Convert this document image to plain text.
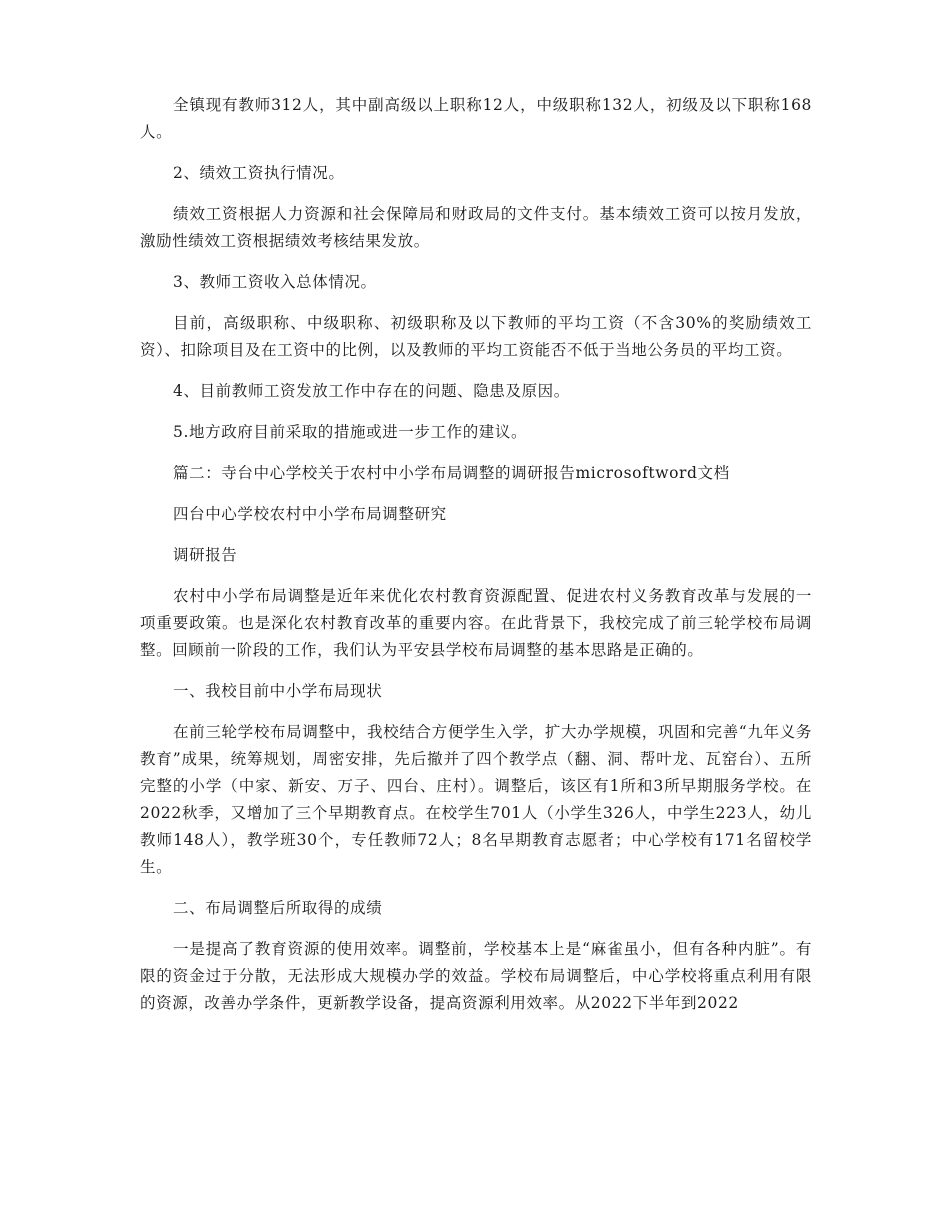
全镇现有教师312人，其中副高级以上职称12人，中级职称132人，初级及以下职称168人。

2、绩效工资执行情况。

绩效工资根据人力资源和社会保障局和财政局的文件支付。基本绩效工资可以按月发放，激励性绩效工资根据绩效考核结果发放。

3、教师工资收入总体情况。

目前，高级职称、中级职称、初级职称及以下教师的平均工资（不含30%的奖励绩效工资）、扣除项目及在工资中的比例，以及教师的平均工资能否不低于当地公务员的平均工资。

4、目前教师工资发放工作中存在的问题、隐患及原因。

5.地方政府目前采取的措施或进一步工作的建议。

篇二：寺台中心学校关于农村中小学布局调整的调研报告microsoftword文档

四台中心学校农村中小学布局调整研究

调研报告

农村中小学布局调整是近年来优化农村教育资源配置、促进农村义务教育改革与发展的一项重要政策。也是深化农村教育改革的重要内容。在此背景下，我校完成了前三轮学校布局调整。回顾前一阶段的工作，我们认为平安县学校布局调整的基本思路是正确的。

一、我校目前中小学布局现状

在前三轮学校布局调整中，我校结合方便学生入学，扩大办学规模，巩固和完善“九年义务教育”成果，统筹规划，周密安排，先后撤并了四个教学点（翻、洞、帮叶龙、瓦窑台）、五所完整的小学（中家、新安、万子、四台、庄村）。调整后，该区有1所和3所早期服务学校。在2022秋季，又增加了三个早期教育点。在校学生701人（小学生326人，中学生223人，幼儿教师148人），教学班30个，专任教师72人；8名早期教育志愿者；中心学校有171名留校学生。

二、布局调整后所取得的成绩

一是提高了教育资源的使用效率。调整前，学校基本上是“麻雀虽小，但有各种内脏”。有限的资金过于分散，无法形成大规模办学的效益。学校布局调整后，中心学校将重点利用有限的资源，改善办学条件，更新教学设备，提高资源利用效率。从2022下半年到2022
